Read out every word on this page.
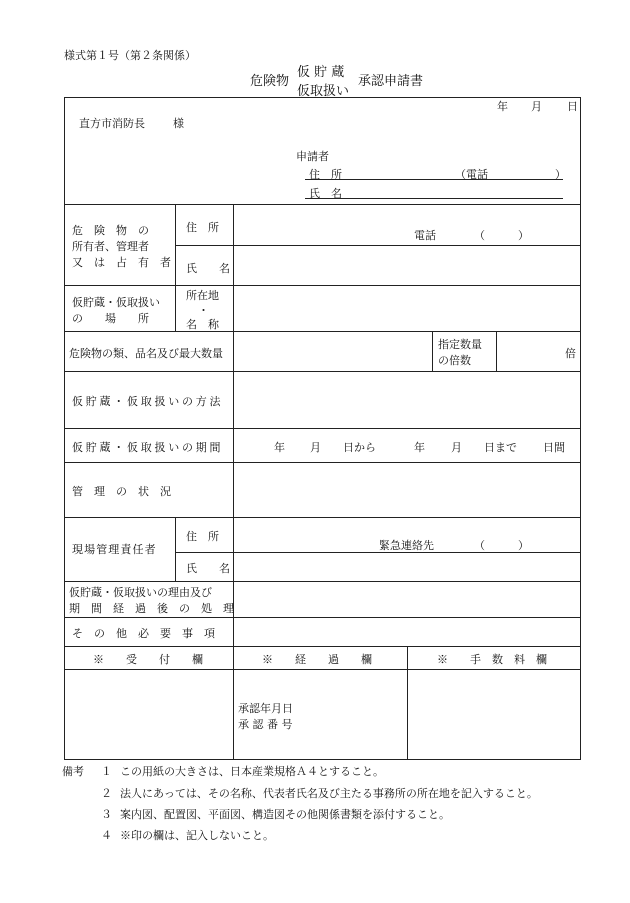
様式第１号（第２条関係）
危険物
仮 貯 蔵
仮取扱い
承認申請書
年 月 日
直方市消防長	様
申請者
住　所	（電話	）
氏　名
危　険　物　の
所有者、管理者
又　は　占　有　者
住　所
電話	（　　　）
氏　　名
仮貯蔵・仮取扱い
の　　場　　所
所在地
・
名　称
危険物の類、品名及び最大数量
指定数量
の倍数
倍
仮貯蔵・仮取扱いの方法
仮貯蔵・仮取扱いの期間	年 月 日から	年 月 日まで 日間
管　理　の　状　況
現場管理責任者
住　所
緊急連絡先	（　　　）
氏　　名
仮貯蔵・仮取扱いの理由及び
期　間　経　過　後　の　処　理
そ　の　他　必　要　事　項
※　　受　　付　　欄	※　　経　　過　　欄	※　　手　数　料　欄
承認年月日
承 認 番 号
備考 １ この用紙の大きさは、日本産業規格Ａ４とすること。
２ 法人にあっては、その名称、代表者氏名及び主たる事務所の所在地を記入すること。
３ 案内図、配置図、平面図、構造図その他関係書類を添付すること。
４ ※印の欄は、記入しないこと。
